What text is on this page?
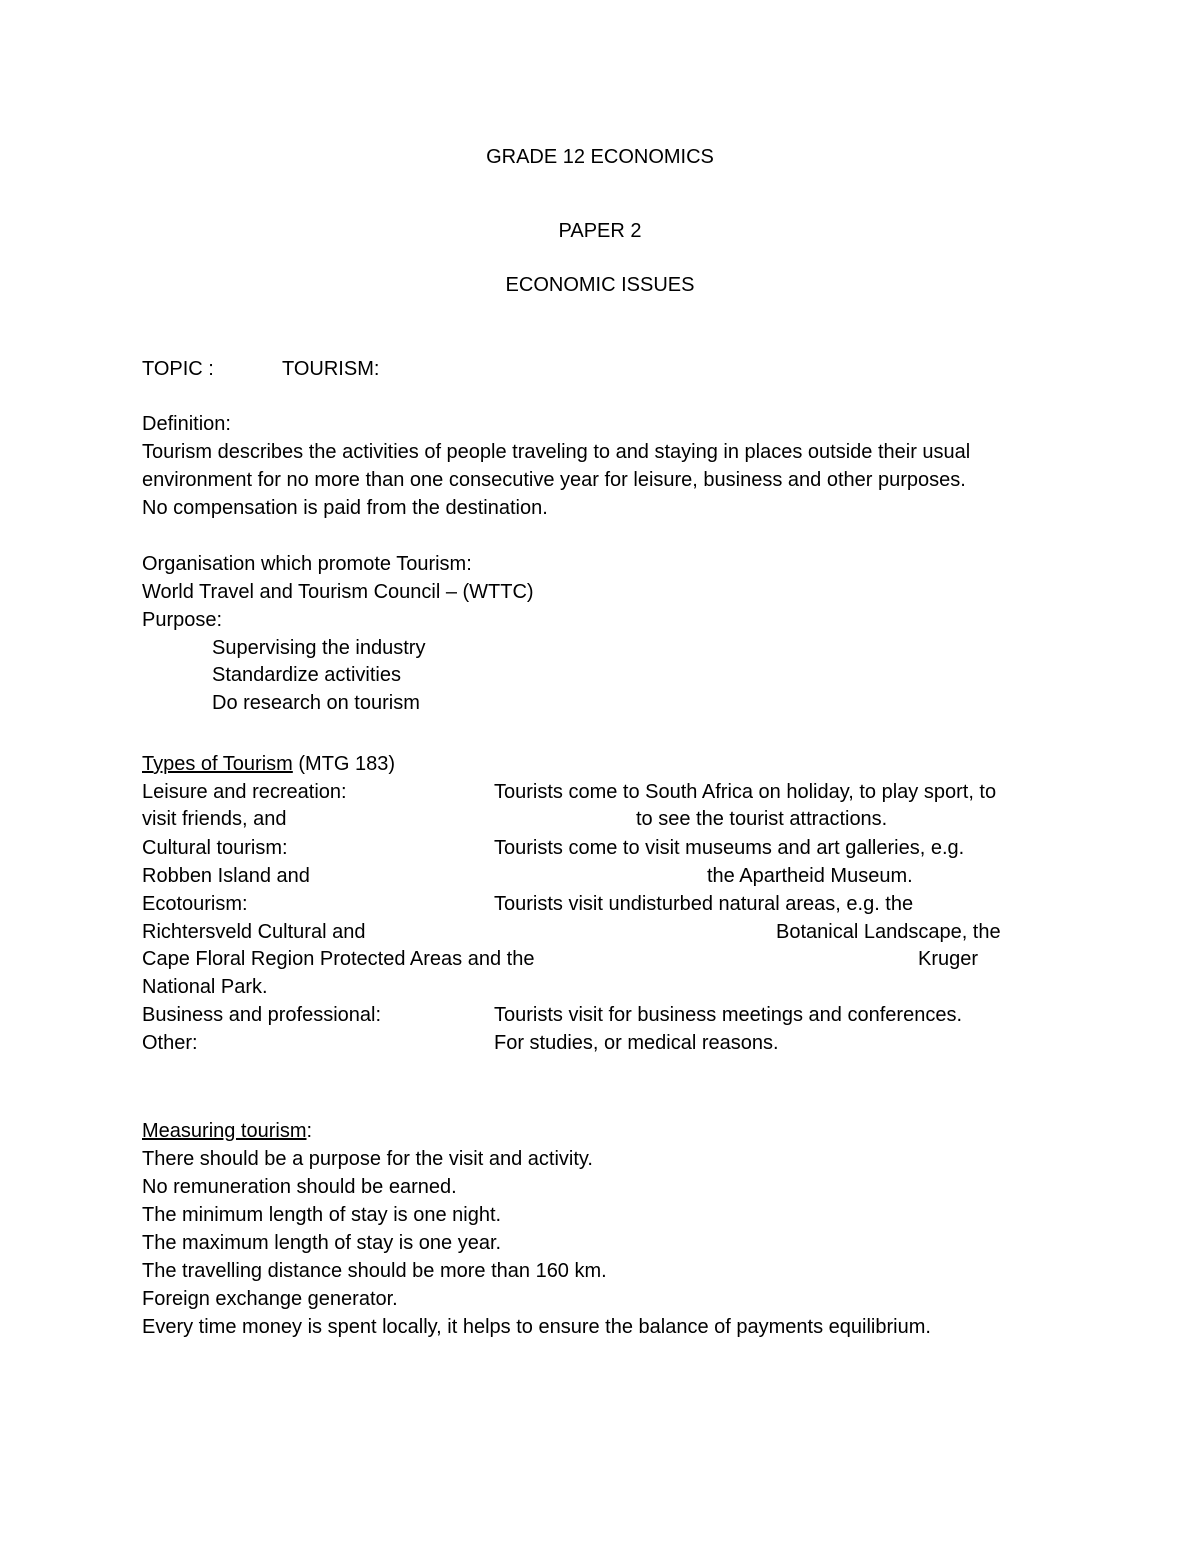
GRADE 12 ECONOMICS
PAPER 2
ECONOMIC ISSUES
TOPIC :	TOURISM:
Definition:
Tourism describes the activities of people traveling to and staying in places outside their usual
environment for no more than one consecutive year for leisure, business and other purposes.
No compensation is paid from the destination.
Organisation which promote Tourism:
World Travel and Tourism Council – (WTTC)
Purpose:
Supervising the industry
Standardize activities
Do research on tourism
Types of Tourism (MTG 183)
Leisure and recreation:	Tourists come to South Africa on holiday, to play sport, to
visit friends, and	to see the tourist attractions.
Cultural tourism:	Tourists come to visit museums and art galleries, e.g.
Robben Island and	the Apartheid Museum.
Ecotourism:	Tourists visit undisturbed natural areas, e.g. the
Richtersveld Cultural and	Botanical Landscape, the
Cape Floral Region Protected Areas and the	Kruger
National Park.
Business and professional:	Tourists visit for business meetings and conferences.
Other:	For studies, or medical reasons.
Measuring tourism:
There should be a purpose for the visit and activity.
No remuneration should be earned.
The minimum length of stay is one night.
The maximum length of stay is one year.
The travelling distance should be more than 160 km.
Foreign exchange generator.
Every time money is spent locally, it helps to ensure the balance of payments equilibrium.
